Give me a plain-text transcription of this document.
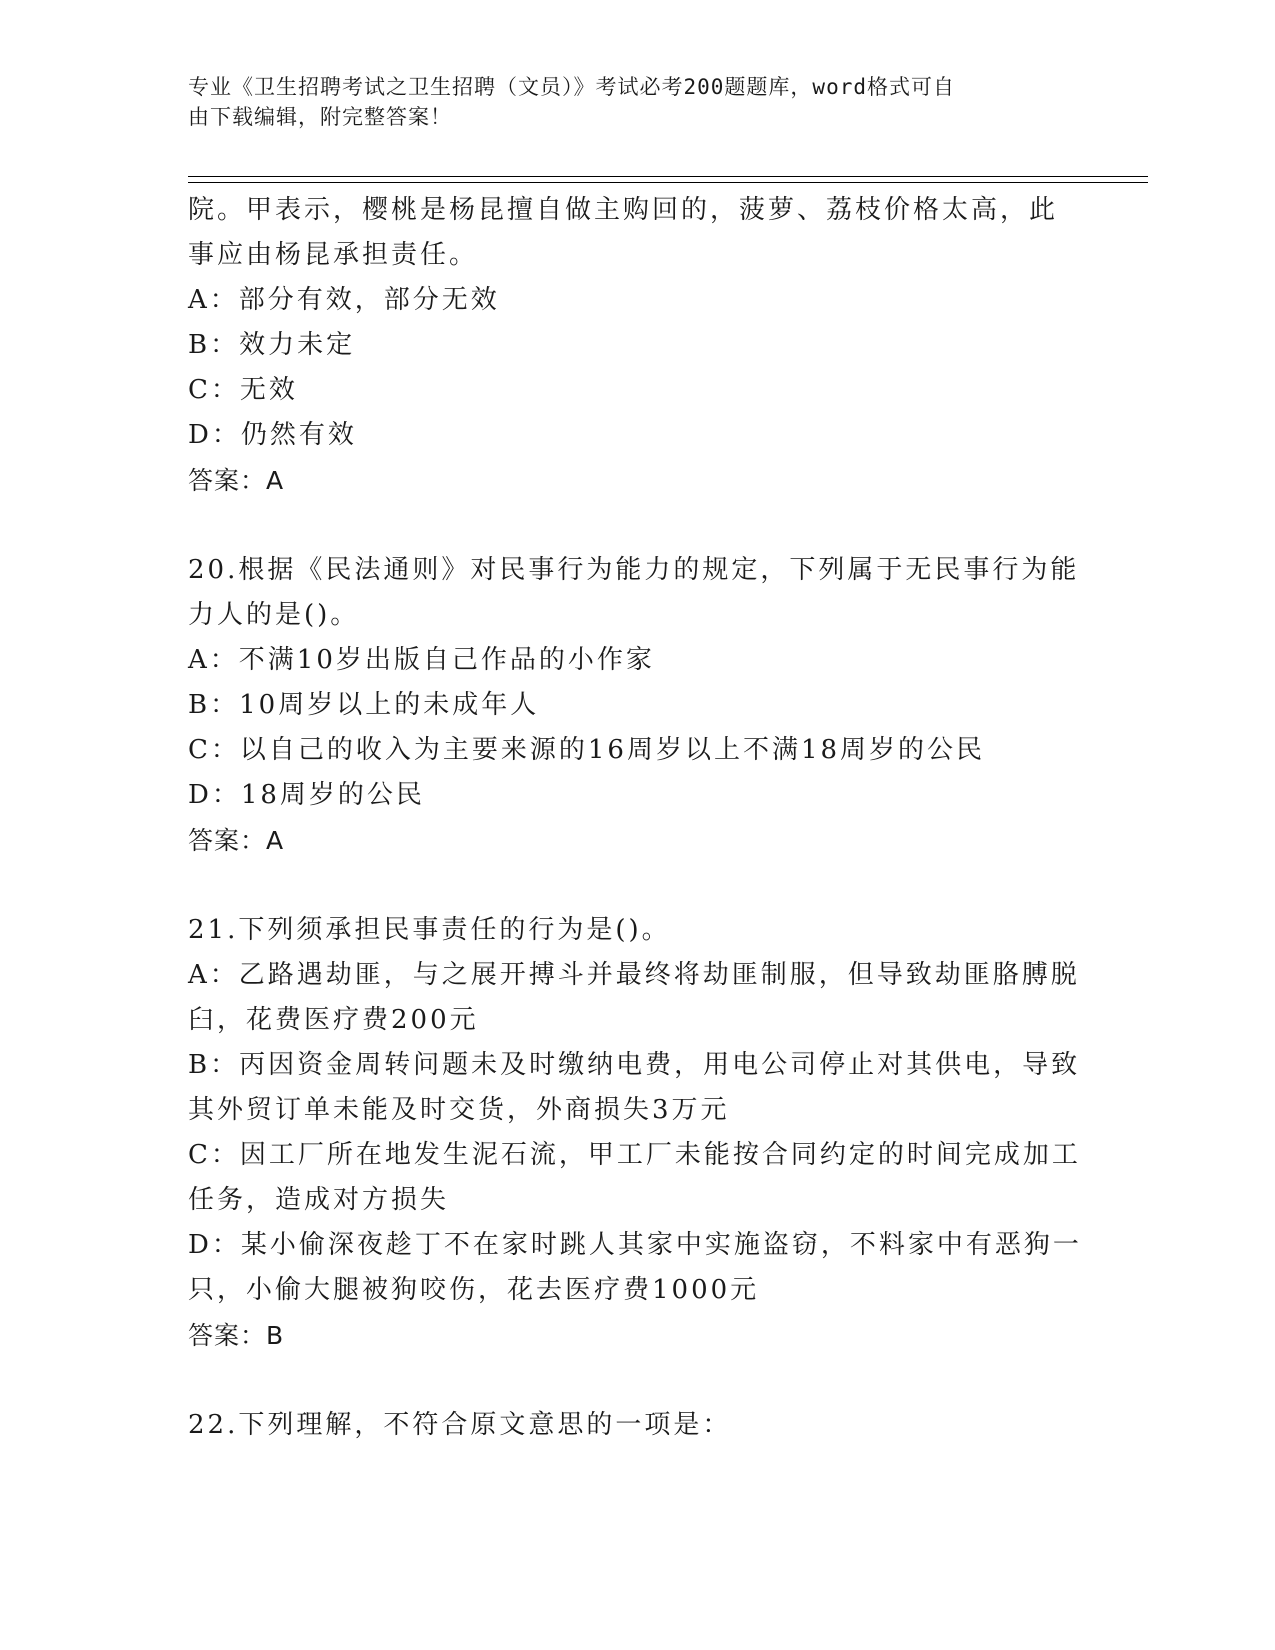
专业《卫生招聘考试之卫生招聘（文员）》考试必考200题题库，word格式可自
由下载编辑，附完整答案！
院。甲表示，樱桃是杨昆擅自做主购回的，菠萝、荔枝价格太高，此
事应由杨昆承担责任。
A：部分有效，部分无效
B：效力未定
C：无效
D：仍然有效
答案：A
20.根据《民法通则》对民事行为能力的规定，下列属于无民事行为能
力人的是()。
A：不满10岁出版自己作品的小作家
B：10周岁以上的未成年人
C：以自己的收入为主要来源的16周岁以上不满18周岁的公民
D：18周岁的公民
答案：A
21.下列须承担民事责任的行为是()。
A：乙路遇劫匪，与之展开搏斗并最终将劫匪制服，但导致劫匪胳膊脱
臼，花费医疗费200元
B：丙因资金周转问题未及时缴纳电费，用电公司停止对其供电，导致
其外贸订单未能及时交货，外商损失3万元
C：因工厂所在地发生泥石流，甲工厂未能按合同约定的时间完成加工
任务，造成对方损失
D：某小偷深夜趁丁不在家时跳人其家中实施盗窃，不料家中有恶狗一
只，小偷大腿被狗咬伤，花去医疗费1000元
答案：B
22.下列理解，不符合原文意思的一项是：
